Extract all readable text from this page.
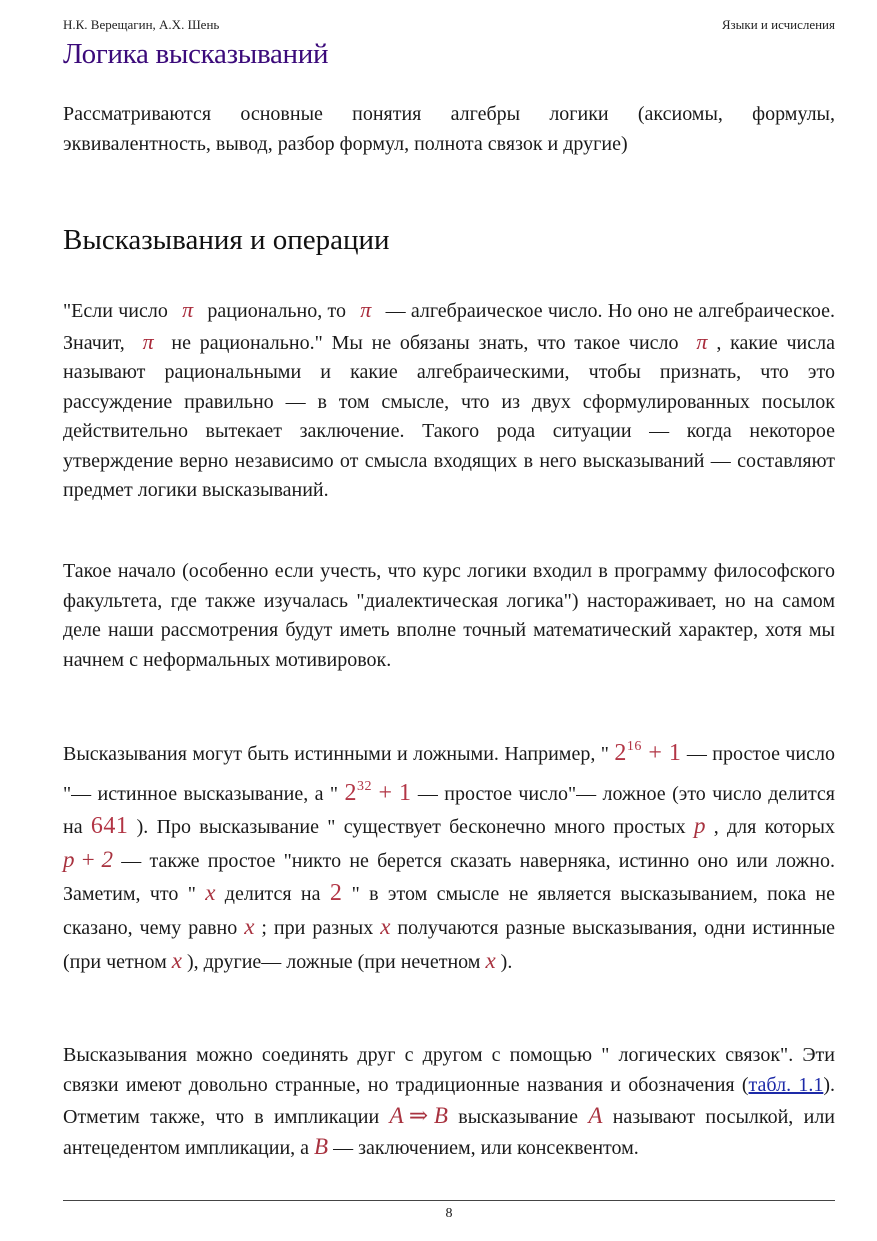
Н.К. Верещагин, А.Х. Шень	Языки и исчисления
Логика высказываний

Рассматриваются основные понятия алгебры логики (аксиомы, формулы, эквивалентность, вывод, разбор формул, полнота связок и другие)

Высказывания и операции

"Если число π рационально, то π — алгебраическое число. Но оно не алгебраическое. Значит, π не рационально." Мы не обязаны знать, что такое число π , какие числа называют рациональными и какие алгебраическими, чтобы признать, что это рассуждение правильно — в том смысле, что из двух сформулированных посылок действительно вытекает заключение. Такого рода ситуации — когда некоторое утверждение верно независимо от смысла входящих в него высказываний — составляют предмет логики высказываний.

Такое начало (особенно если учесть, что курс логики входил в программу философского факультета, где также изучалась "диалектическая логика") настораживает, но на самом деле наши рассмотрения будут иметь вполне точный математический характер, хотя мы начнем с неформальных мотивировок.

Высказывания могут быть истинными и ложными. Например, " $2^{16} + 1$ — простое число "— истинное высказывание, а " $2^{32} + 1$ — простое число"— ложное (это число делится на 641 ). Про высказывание " существует бесконечно много простых p , для которых p + 2 — также простое "никто не берется сказать наверняка, истинно оно или ложно. Заметим, что " x делится на 2 " в этом смысле не является высказыванием, пока не сказано, чему равно x ; при разных x получаются разные высказывания, одни истинные (при четном x ), другие— ложные (при нечетном x ).

Высказывания можно соединять друг с другом с помощью " логических связок". Эти связки имеют довольно странные, но традиционные названия и обозначения (табл. 1.1). Отметим также, что в импликации A ⇒ B высказывание A называют посылкой, или антецедентом импликации, а B — заключением, или консеквентом.

8
